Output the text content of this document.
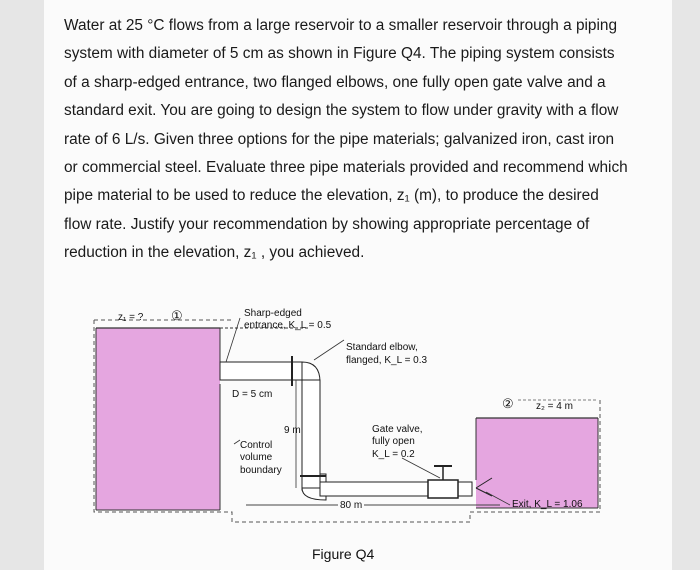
Water at 25 °C flows from a large reservoir to a smaller reservoir through a piping
system with diameter of 5 cm as shown in Figure Q4. The piping system consists
of a sharp-edged entrance, two flanged elbows, one fully open gate valve and a
standard exit. You are going to design the system to flow under gravity with a flow
rate of 6 L/s. Given three options for the pipe materials; galvanized iron, cast iron
or commercial steel. Evaluate three pipe materials provided and recommend which
pipe material to be used to reduce the elevation, z₁ (m), to produce the desired
flow rate. Justify your recommendation by showing appropriate percentage of
reduction in the elevation, z₁ , you achieved.
z₁ = ? ①	Sharp-edged
entrance, K_L = 0.5
Standard elbow,
flanged, K_L = 0.3
D = 5 cm
9 m
Control
volume
boundary
Gate valve,
fully open
K_L = 0.2
② z₂ = 4 m
80 m	Exit, K_L = 1.06
Figure Q4
